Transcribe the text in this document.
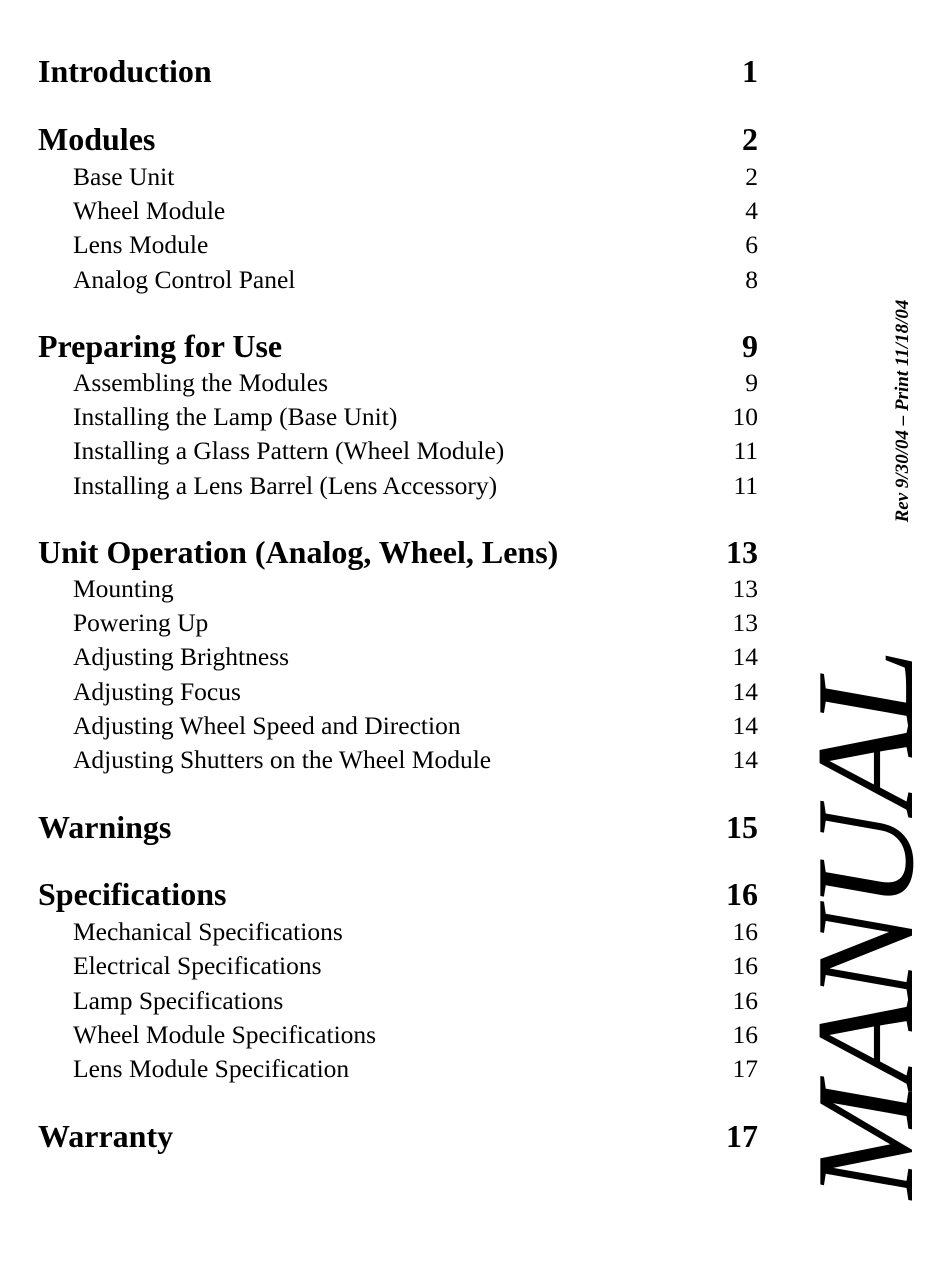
Introduction	1
Modules	2
Base Unit	2
Wheel Module	4
Lens Module	6
Analog Control Panel	8
Preparing for Use	9
Assembling the Modules	9
Installing the Lamp (Base Unit)	10
Installing a Glass Pattern (Wheel Module)	11
Installing a Lens Barrel (Lens Accessory)	11
Unit Operation (Analog, Wheel, Lens)	13
Mounting	13
Powering Up	13
Adjusting Brightness	14
Adjusting Focus	14
Adjusting Wheel Speed and Direction	14
Adjusting Shutters on the Wheel Module	14
Warnings	15
Specifications	16
Mechanical Specifications	16
Electrical Specifications	16
Lamp Specifications	16
Wheel Module Specifications	16
Lens Module Specification	17
Warranty	17
Rev 9/30/04 – Print 11/18/04
MANUAL
